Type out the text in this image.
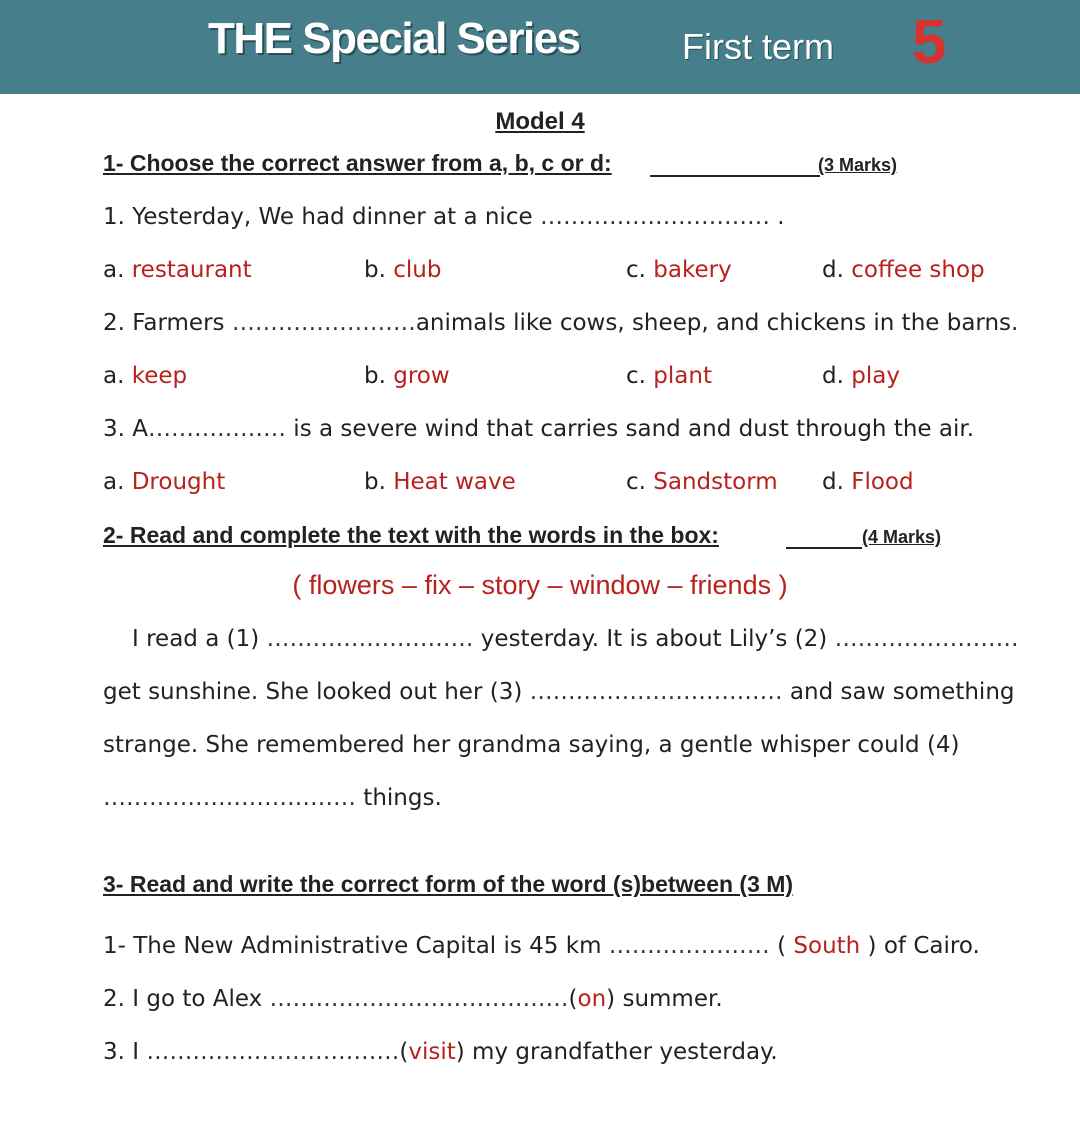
THE Special Series	First term 5
Model 4
1- Choose the correct answer from a, b, c or d:	(3 Marks)
1. Yesterday, We had dinner at a nice ………………………… .
a. restaurant	b. club	c. bakery	d. coffee shop
2. Farmers ……………………animals like cows, sheep, and chickens in the barns.
a. keep	b. grow	c. plant	d. play
3. A……………… is a severe wind that carries sand and dust through the air.
a. Drought	b. Heat wave	c. Sandstorm d. Flood
2- Read and complete the text with the words in the box:	(4 Marks)
( flowers – fix – story – window – friends )
I read a (1) ……………………… yesterday. It is about Lily’s (2) ……………………
get sunshine. She looked out her (3) …………………………… and saw something
strange. She remembered her grandma saying, a gentle whisper could (4)
…………………………… things.
3- Read and write the correct form of the word (s)between (3 M)
1- The New Administrative Capital is 45 km ………………… ( South ) of Cairo.
2. I go to Alex …………………………………(on) summer.
3. I ……………………………(visit) my grandfather yesterday.
